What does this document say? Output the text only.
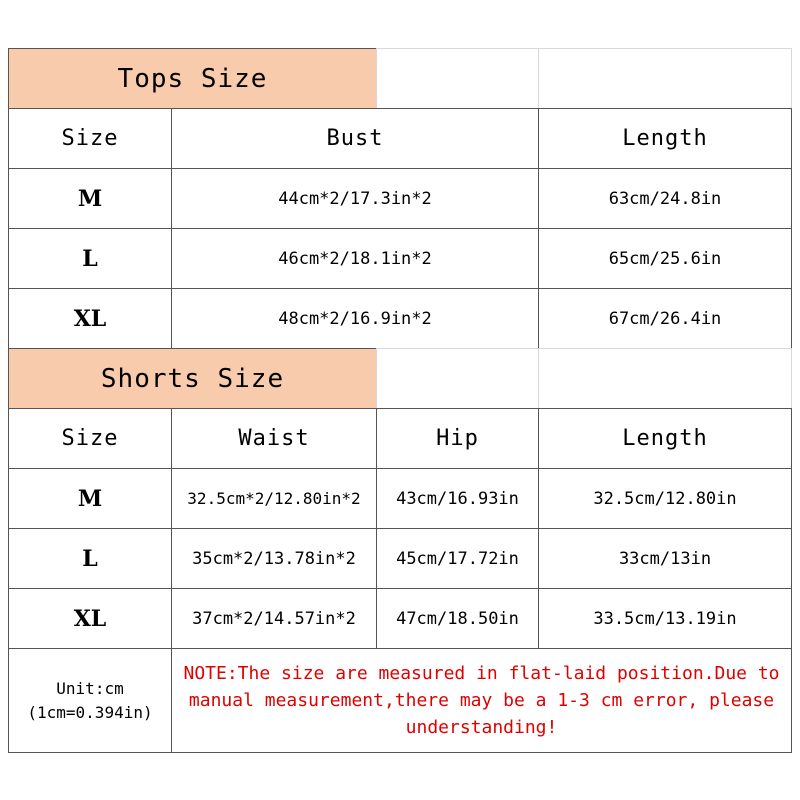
Tops Size
Size	Bust	Length
M	44cm*2/17.3in*2	63cm/24.8in
L	46cm*2/18.1in*2	65cm/25.6in
XL	48cm*2/16.9in*2	67cm/26.4in
Shorts Size
Size	Waist	Hip	Length
M	32.5cm*2/12.80in*2	43cm/16.93in	32.5cm/12.80in
L	35cm*2/13.78in*2	45cm/17.72in	33cm/13in
XL	37cm*2/14.57in*2	47cm/18.50in	33.5cm/13.19in
Unit:cm
(1cm=0.394in)
NOTE:The size are measured in flat-laid position.Due to manual measurement,there may be a 1-3 cm error, please understanding!
